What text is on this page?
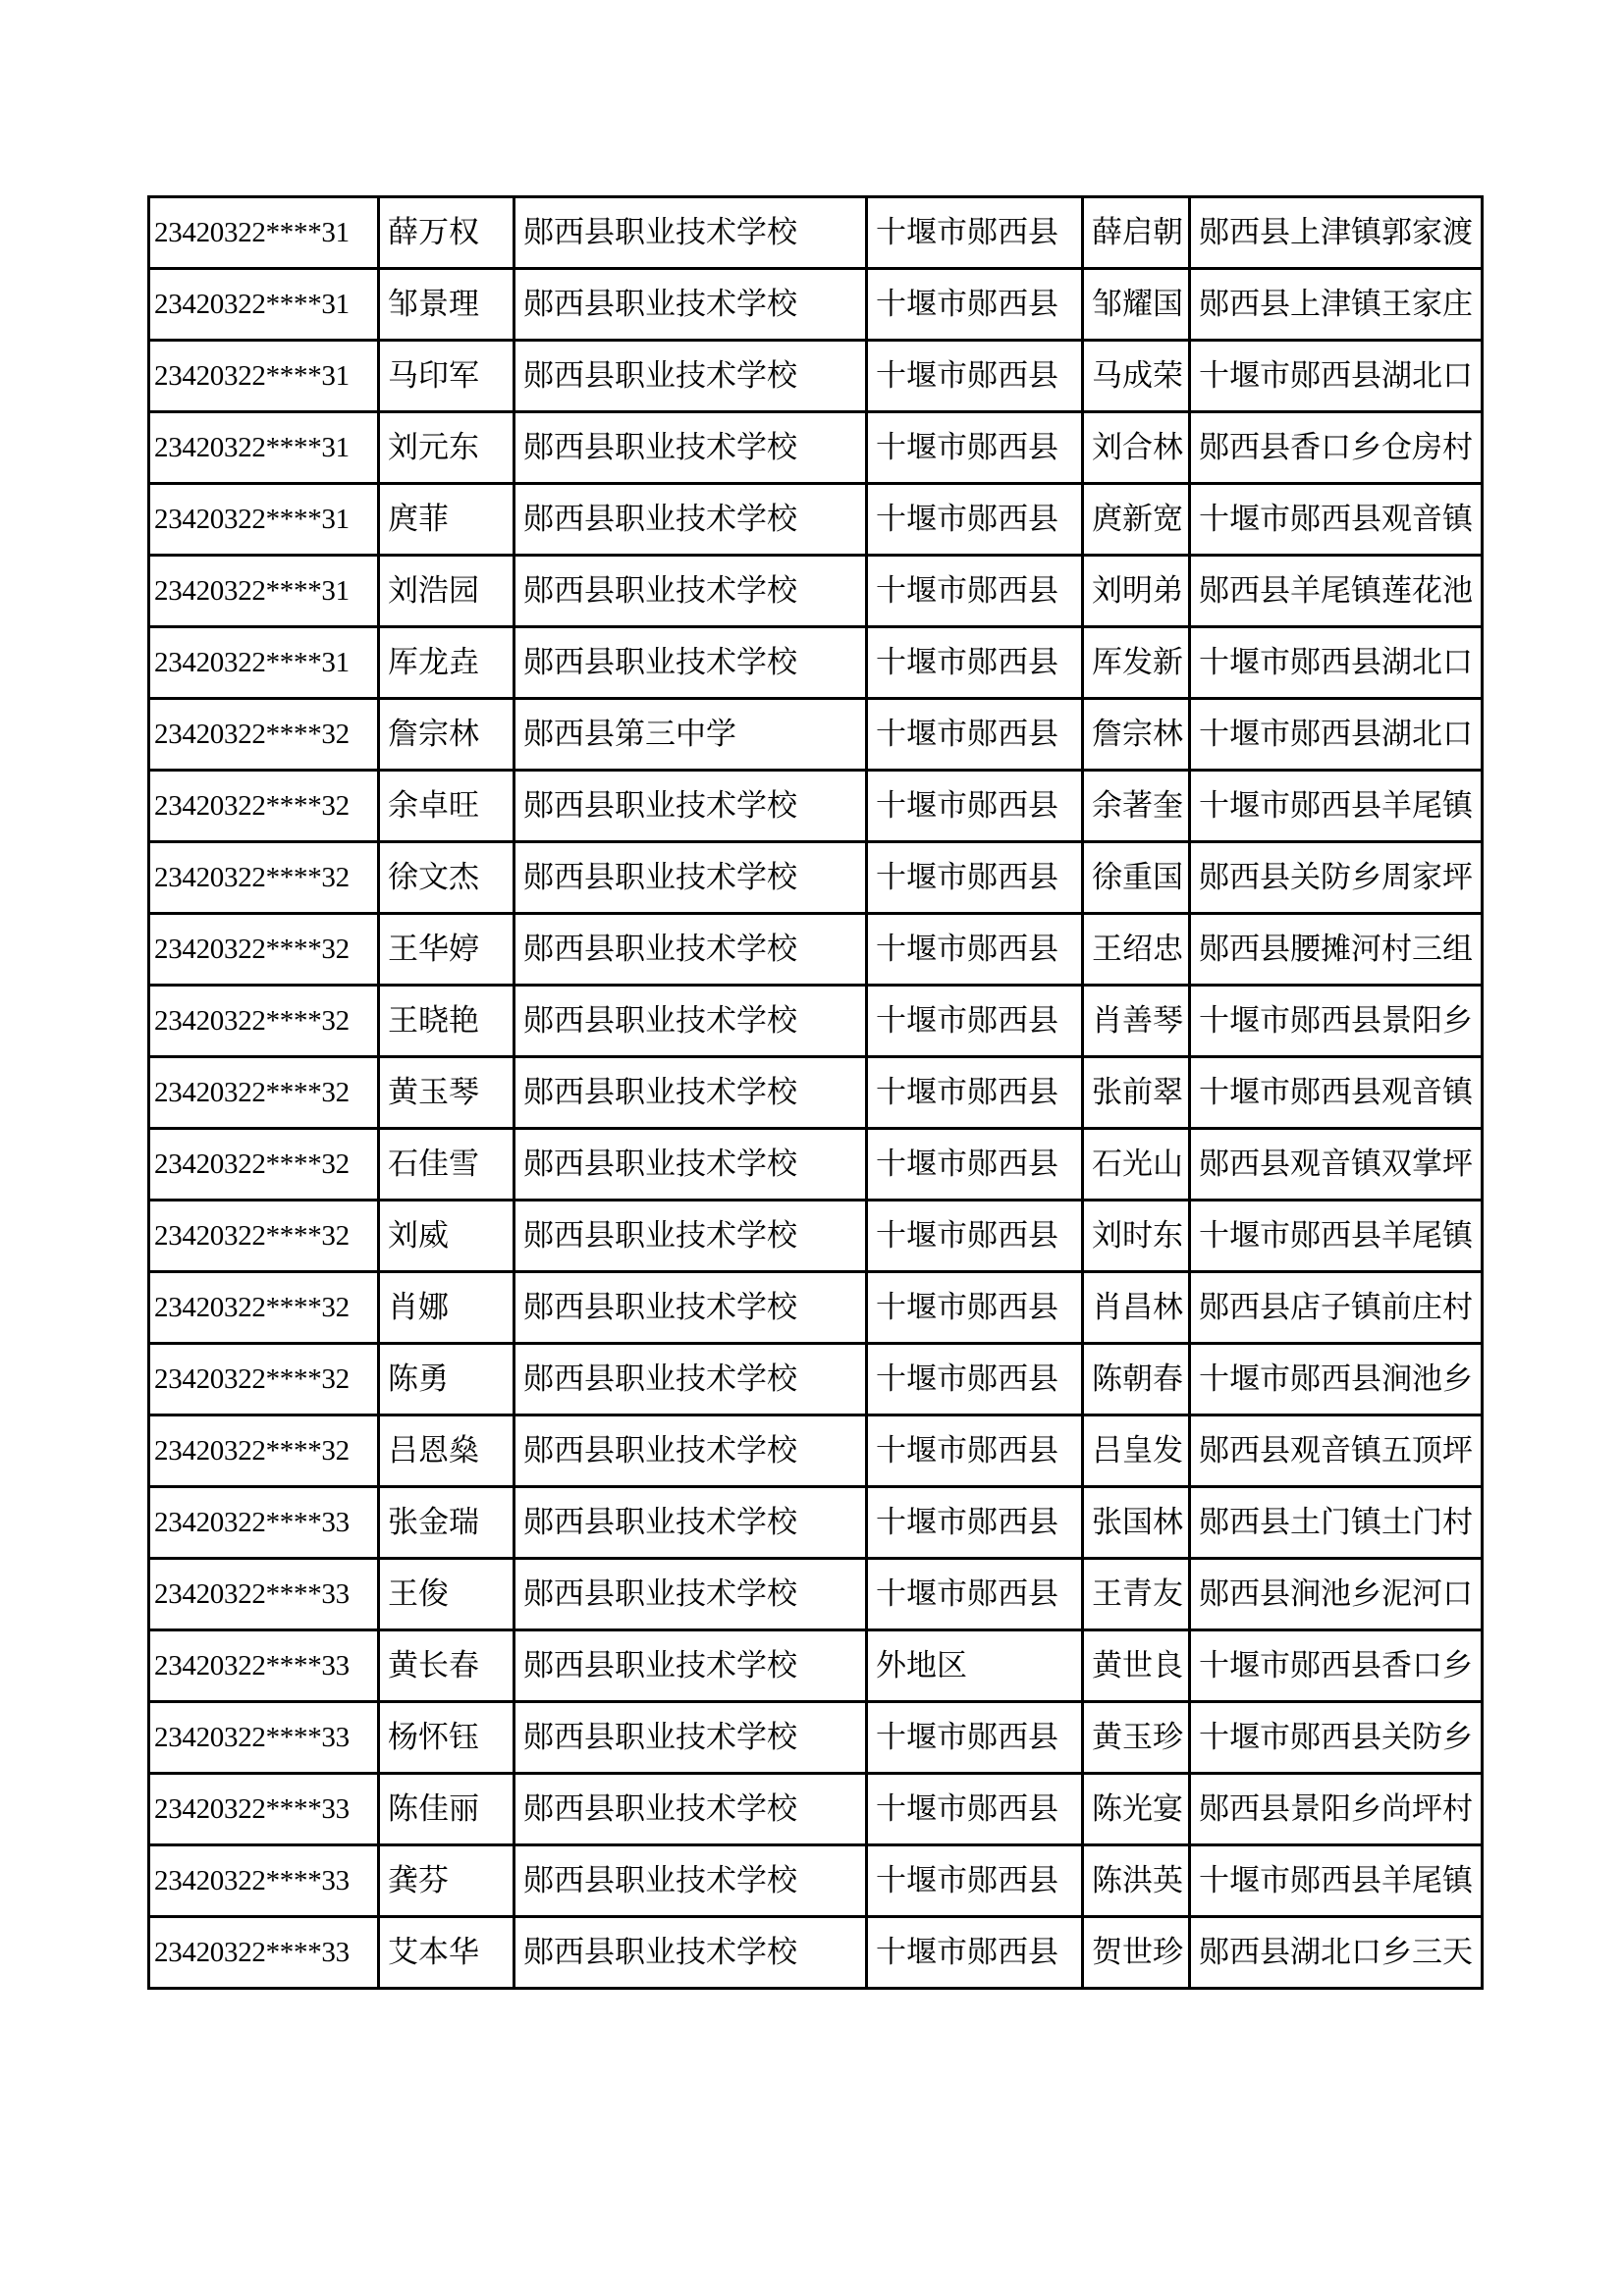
23420322****31	薛万权	郧西县职业技术学校	十堰市郧西县	薛启朝	郧西县上津镇郭家渡
23420322****31	邹景理	郧西县职业技术学校	十堰市郧西县	邹耀国	郧西县上津镇王家庄
23420322****31	马印军	郧西县职业技术学校	十堰市郧西县	马成荣	十堰市郧西县湖北口
23420322****31	刘元东	郧西县职业技术学校	十堰市郧西县	刘合林	郧西县香口乡仓房村
23420322****31	庹菲	郧西县职业技术学校	十堰市郧西县	庹新宽	十堰市郧西县观音镇
23420322****31	刘浩园	郧西县职业技术学校	十堰市郧西县	刘明弟	郧西县羊尾镇莲花池
23420322****31	厍龙垚	郧西县职业技术学校	十堰市郧西县	厍发新	十堰市郧西县湖北口
23420322****32	詹宗林	郧西县第三中学	十堰市郧西县	詹宗林	十堰市郧西县湖北口
23420322****32	余卓旺	郧西县职业技术学校	十堰市郧西县	余著奎	十堰市郧西县羊尾镇
23420322****32	徐文杰	郧西县职业技术学校	十堰市郧西县	徐重国	郧西县关防乡周家坪
23420322****32	王华婷	郧西县职业技术学校	十堰市郧西县	王绍忠	郧西县腰摊河村三组
23420322****32	王晓艳	郧西县职业技术学校	十堰市郧西县	肖善琴	十堰市郧西县景阳乡
23420322****32	黄玉琴	郧西县职业技术学校	十堰市郧西县	张前翠	十堰市郧西县观音镇
23420322****32	石佳雪	郧西县职业技术学校	十堰市郧西县	石光山	郧西县观音镇双掌坪
23420322****32	刘威	郧西县职业技术学校	十堰市郧西县	刘时东	十堰市郧西县羊尾镇
23420322****32	肖娜	郧西县职业技术学校	十堰市郧西县	肖昌林	郧西县店子镇前庄村
23420322****32	陈勇	郧西县职业技术学校	十堰市郧西县	陈朝春	十堰市郧西县涧池乡
23420322****32	吕恩燊	郧西县职业技术学校	十堰市郧西县	吕皇发	郧西县观音镇五顶坪
23420322****33	张金瑞	郧西县职业技术学校	十堰市郧西县	张国林	郧西县土门镇土门村
23420322****33	王俊	郧西县职业技术学校	十堰市郧西县	王青友	郧西县涧池乡泥河口
23420322****33	黄长春	郧西县职业技术学校	外地区	黄世良	十堰市郧西县香口乡
23420322****33	杨怀钰	郧西县职业技术学校	十堰市郧西县	黄玉珍	十堰市郧西县关防乡
23420322****33	陈佳丽	郧西县职业技术学校	十堰市郧西县	陈光宴	郧西县景阳乡尚坪村
23420322****33	龚芬	郧西县职业技术学校	十堰市郧西县	陈洪英	十堰市郧西县羊尾镇
23420322****33	艾本华	郧西县职业技术学校	十堰市郧西县	贺世珍	郧西县湖北口乡三天
